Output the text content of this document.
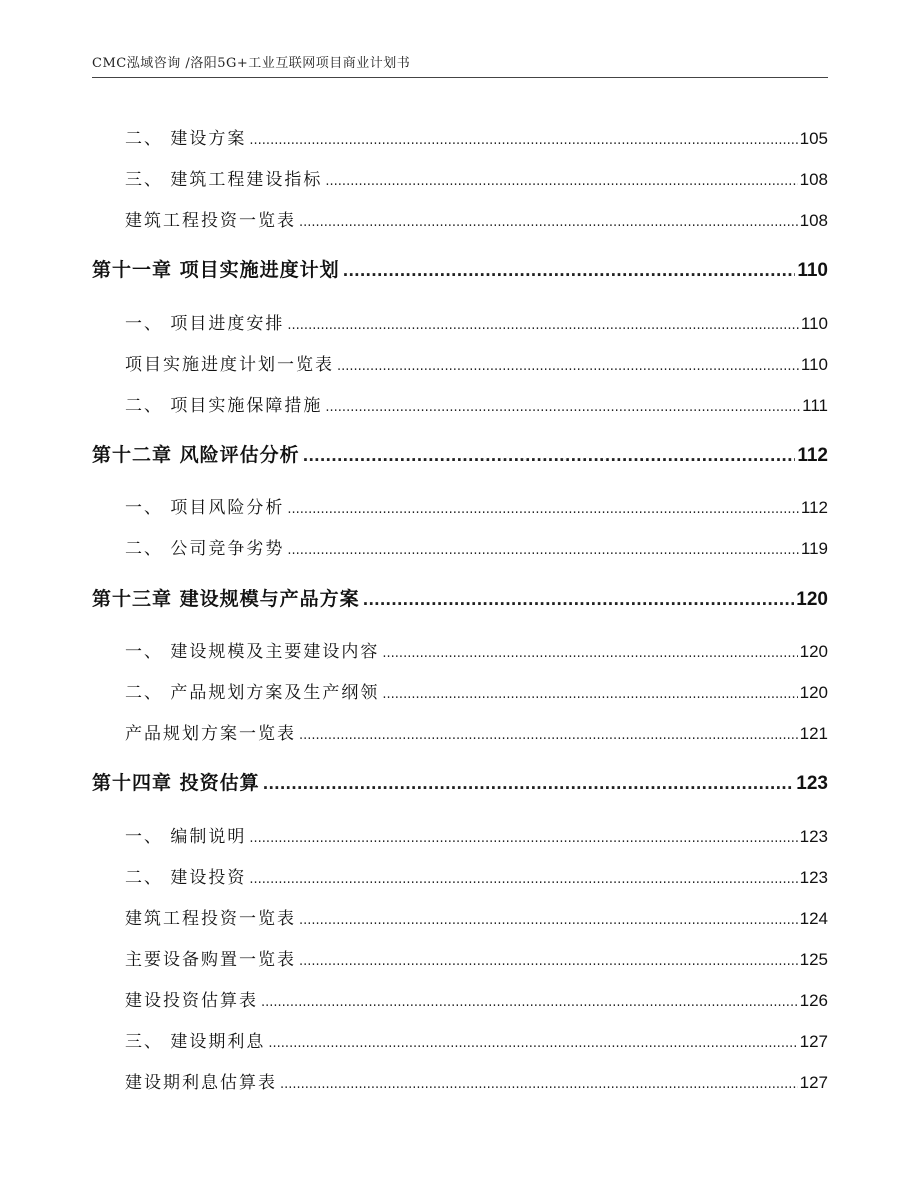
CMC泓域咨询 /洛阳5G+工业互联网项目商业计划书
二、 建设方案 .....	105
三、 建筑工程建设指标 .....	108
建筑工程投资一览表 .....	108
第十一章 项目实施进度计划 .....	110
一、 项目进度安排 .....	110
项目实施进度计划一览表 .....	110
二、 项目实施保障措施 .....	111
第十二章 风险评估分析 .....	112
一、 项目风险分析 .....	112
二、 公司竞争劣势 .....	119
第十三章 建设规模与产品方案 .....	120
一、 建设规模及主要建设内容 .....	120
二、 产品规划方案及生产纲领 .....	120
产品规划方案一览表 .....	121
第十四章 投资估算 .....	123
一、 编制说明 .....	123
二、 建设投资 .....	123
建筑工程投资一览表 .....	124
主要设备购置一览表 .....	125
建设投资估算表 .....	126
三、 建设期利息 .....	127
建设期利息估算表 .....	127
